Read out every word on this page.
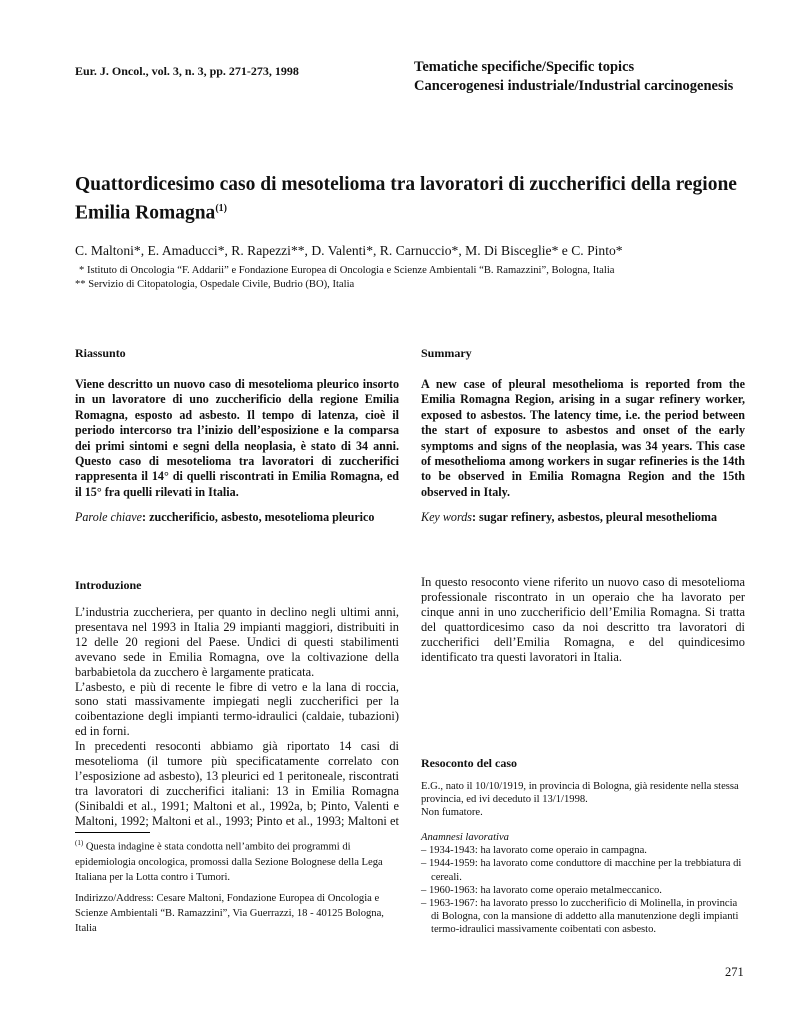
Eur. J. Oncol., vol. 3, n. 3, pp. 271-273, 1998	Tematiche specifiche/Specific topics
Cancerogenesi industriale/Industrial carcinogenesis
Quattordicesimo caso di mesotelioma tra lavoratori di zuccherifici della regione Emilia Romagna$^{(1)}$
C. Maltoni*, E. Amaducci*, R. Rapezzi**, D. Valenti*, R. Carnuccio*, M. Di Bisceglie* e C. Pinto*
* Istituto di Oncologia “F. Addarii” e Fondazione Europea di Oncologia e Scienze Ambientali “B. Ramazzini”, Bologna, Italia
** Servizio di Citopatologia, Ospedale Civile, Budrio (BO), Italia
Riassunto
Viene descritto un nuovo caso di mesotelioma pleurico insorto in un lavoratore di uno zuccherificio della regione Emilia Romagna, esposto ad asbesto. Il tempo di latenza, cioè il periodo intercorso tra l’inizio dell’esposizione e la comparsa dei primi sintomi e segni della neoplasia, è stato di 34 anni. Questo caso di mesotelioma tra lavoratori di zuccherifici rappresenta il 14° di quelli riscontrati in Emilia Romagna, ed il 15° fra quelli rilevati in Italia.
Parole chiave: zuccherificio, asbesto, mesotelioma pleurico
Summary
A new case of pleural mesothelioma is reported from the Emilia Romagna Region, arising in a sugar refinery worker, exposed to asbestos. The latency time, i.e. the period between the start of exposure to asbestos and onset of the early symptoms and signs of the neoplasia, was 34 years. This case of mesothelioma among workers in sugar refineries is the 14th to be observed in Emilia Romagna Region and the 15th observed in Italy.
Key words: sugar refinery, asbestos, pleural mesothelioma
Introduzione

L’industria zuccheriera, per quanto in declino negli ultimi anni, presentava nel 1993 in Italia 29 impianti maggiori, distribuiti in 12 delle 20 regioni del Paese. Undici di questi stabilimenti avevano sede in Emilia Romagna, ove la coltivazione della barbabietola da zucchero è largamente praticata.

L’asbesto, e più di recente le fibre di vetro e la lana di roccia, sono stati massivamente impiegati negli zuccherifici per la coibentazione degli impianti termo-idraulici (caldaie, tubazioni) ed in forni.

In precedenti resoconti abbiamo già riportato 14 casi di mesotelioma (il tumore più specificatamente correlato con l’esposizione ad asbesto), 13 pleurici ed 1 peritoneale, riscontrati tra lavoratori di zuccherifici italiani: 13 in Emilia Romagna (Sinibaldi et al., 1991; Maltoni et al., 1992a, b; Pinto, Valenti e Maltoni, 1992; Maltoni et al., 1993; Pinto et al., 1993; Maltoni et

$^{(1)}$ Questa indagine è stata condotta nell’ambito dei programmi di epidemiologia oncologica, promossi dalla Sezione Bolognese della Lega Italiana per la Lotta contro i Tumori.
Indirizzo/Address: Cesare Maltoni, Fondazione Europea di Oncologia e Scienze Ambientali “B. Ramazzini”, Via Guerrazzi, 18 - 40125 Bologna, Italia

In questo resoconto viene riferito un nuovo caso di mesotelioma professionale riscontrato in un operaio che ha lavorato per cinque anni in uno zuccherificio dell’Emilia Romagna. Si tratta del quattordicesimo caso da noi descritto tra lavoratori di zuccherifici dell’Emilia Romagna, e del quindicesimo identificato tra questi lavoratori in Italia.

Resoconto del caso

E.G., nato il 10/10/1919, in provincia di Bologna, già residente nella stessa provincia, ed ivi deceduto il 13/1/1998.

Non fumatore.

Anamnesi lavorativa

– 1934-1943: ha lavorato come operaio in campagna.
– 1944-1959: ha lavorato come conduttore di macchine per la trebbiatura di cereali.
– 1960-1963: ha lavorato come operaio metalmeccanico.
– 1963-1967: ha lavorato presso lo zuccherificio di Molinella, in provincia di Bologna, con la mansione di addetto alla manutenzione degli impianti termo-idraulici massivamente coibentati con asbesto.
271
